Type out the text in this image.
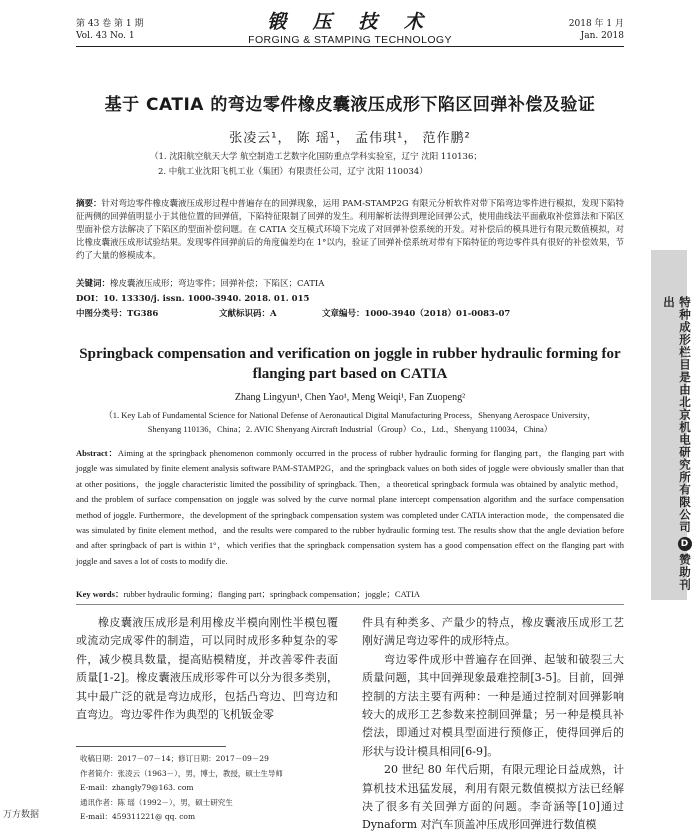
第 43 卷 第 1 期
Vol. 43 No. 1
锻 压 技 术
FORGING & STAMPING TECHNOLOGY
2018 年 1 月
Jan. 2018
基于 CATIA 的弯边零件橡皮囊液压成形下陷区回弹补偿及验证
张凌云¹， 陈 瑶¹， 孟伟琪¹， 范作鹏²
（1. 沈阳航空航天大学 航空制造工艺数字化国防重点学科实验室，辽宁 沈阳 110136；
2. 中航工业沈阳飞机工业（集团）有限责任公司，辽宁 沈阳 110034）
摘要：针对弯边零件橡皮囊液压成形过程中普遍存在的回弹现象，运用 PAM-STAMP2G 有限元分析软件对带下陷弯边零件进行模拟，发现下陷特征两侧的回弹值明显小于其他位置的回弹值，下陷特征限制了回弹的发生。利用解析法得到理论回弹公式，使用曲线法平面截取补偿算法和下陷区型面补偿方法解决了下陷区的型面补偿问题。在 CATIA 交互模式环境下完成了对回弹补偿系统的开发。对补偿后的模具进行有限元数值模拟，对比橡皮囊液压成形试验结果。发现零件回弹前后的角度偏差均在 1°以内，验证了回弹补偿系统对带有下陷特征的弯边零件具有很好的补偿效果，节约了大量的修模成本。
关键词：橡皮囊液压成形；弯边零件；回弹补偿；下陷区；CATIA
DOI：10. 13330/j. issn. 1000-3940. 2018. 01. 015
中图分类号：TG386	文献标识码：A	文章编号：1000-3940（2018）01-0083-07
Springback compensation and verification on joggle in rubber hydraulic forming for flanging part based on CATIA
Zhang Lingyun¹, Chen Yao¹, Meng Weiqi¹, Fan Zuopeng²
（1. Key Lab of Fundamental Science for National Defense of Aeronautical Digital Manufacturing Process，Shenyang Aerospace University，
Shenyang 110136，China；2. AVIC Shenyang Aircraft Industrial（Group）Co.，Ltd.，Shenyang 110034，China）
Abstract：Aiming at the springback phenomenon commonly occurred in the process of rubber hydraulic forming for flanging part，the flanging part with joggle was simulated by finite element analysis software PAM-STAMP2G，and the springback values on both sides of joggle were obviously smaller than that at other positions，the joggle characteristic limited the possibility of springback. Then，a theoretical springback formula was obtained by analytic method，and the problem of surface compensation on joggle was solved by the curve normal plane intercept compensation algorithm and the surface compensation method of joggle. Furthermore，the development of the springback compensation system was completed under CATIA interaction mode，the compensated die was simulated by finite element method，and the results were compared to the rubber hydraulic forming test. The results show that the angle deviation before and after springback of part is within 1°，which verifies that the springback compensation system has a good compensation effect on the flanging part with joggle and saves a lot of costs to modify die.
Key words：rubber hydraulic forming；flanging part；springback compensation；joggle；CATIA
橡皮囊液压成形是利用橡皮半模向刚性半模包覆或流动完成零件的制造，可以同时成形多种复杂的零件，减少模具数量，提高贴模精度，并改善零件表面质量[1-2]。橡皮囊液压成形零件可以分为很多类别，其中最广泛的就是弯边成形，包括凸弯边、凹弯边和直弯边。弯边零件作为典型的飞机钣金零

件具有种类多、产量少的特点，橡皮囊液压成形工艺刚好满足弯边零件的成形特点。

弯边零件成形中普遍存在回弹、起皱和破裂三大质量问题，其中回弹现象最难控制[3-5]。目前，回弹控制的方法主要有两种：一种是通过控制对回弹影响较大的成形工艺参数来控制回弹量；另一种是模具补偿法，即通过对模具型面进行预修正，使得回弹后的形状与设计模具相同[6-9]。

20 世纪 80 年代后期，有限元理论日益成熟，计算机技术迅猛发展，利用有限元数值模拟方法已经解决了很多有关回弹方面的问题。李奇涵等[10]通过 Dynaform 对汽车顶盖冲压成形回弹进行数值模

收稿日期：2017－07－14；修订日期：2017－09－29
作者简介：张凌云（1963－），男，博士，教授，硕士生导师
E-mail：zhangly79@163. com
通讯作者：陈 瑶（1992－），男，硕士研究生
E-mail：459311221@ qq. com
万方数据
特种成形栏目是由北京机电研究所有限公司D赞助刊出
